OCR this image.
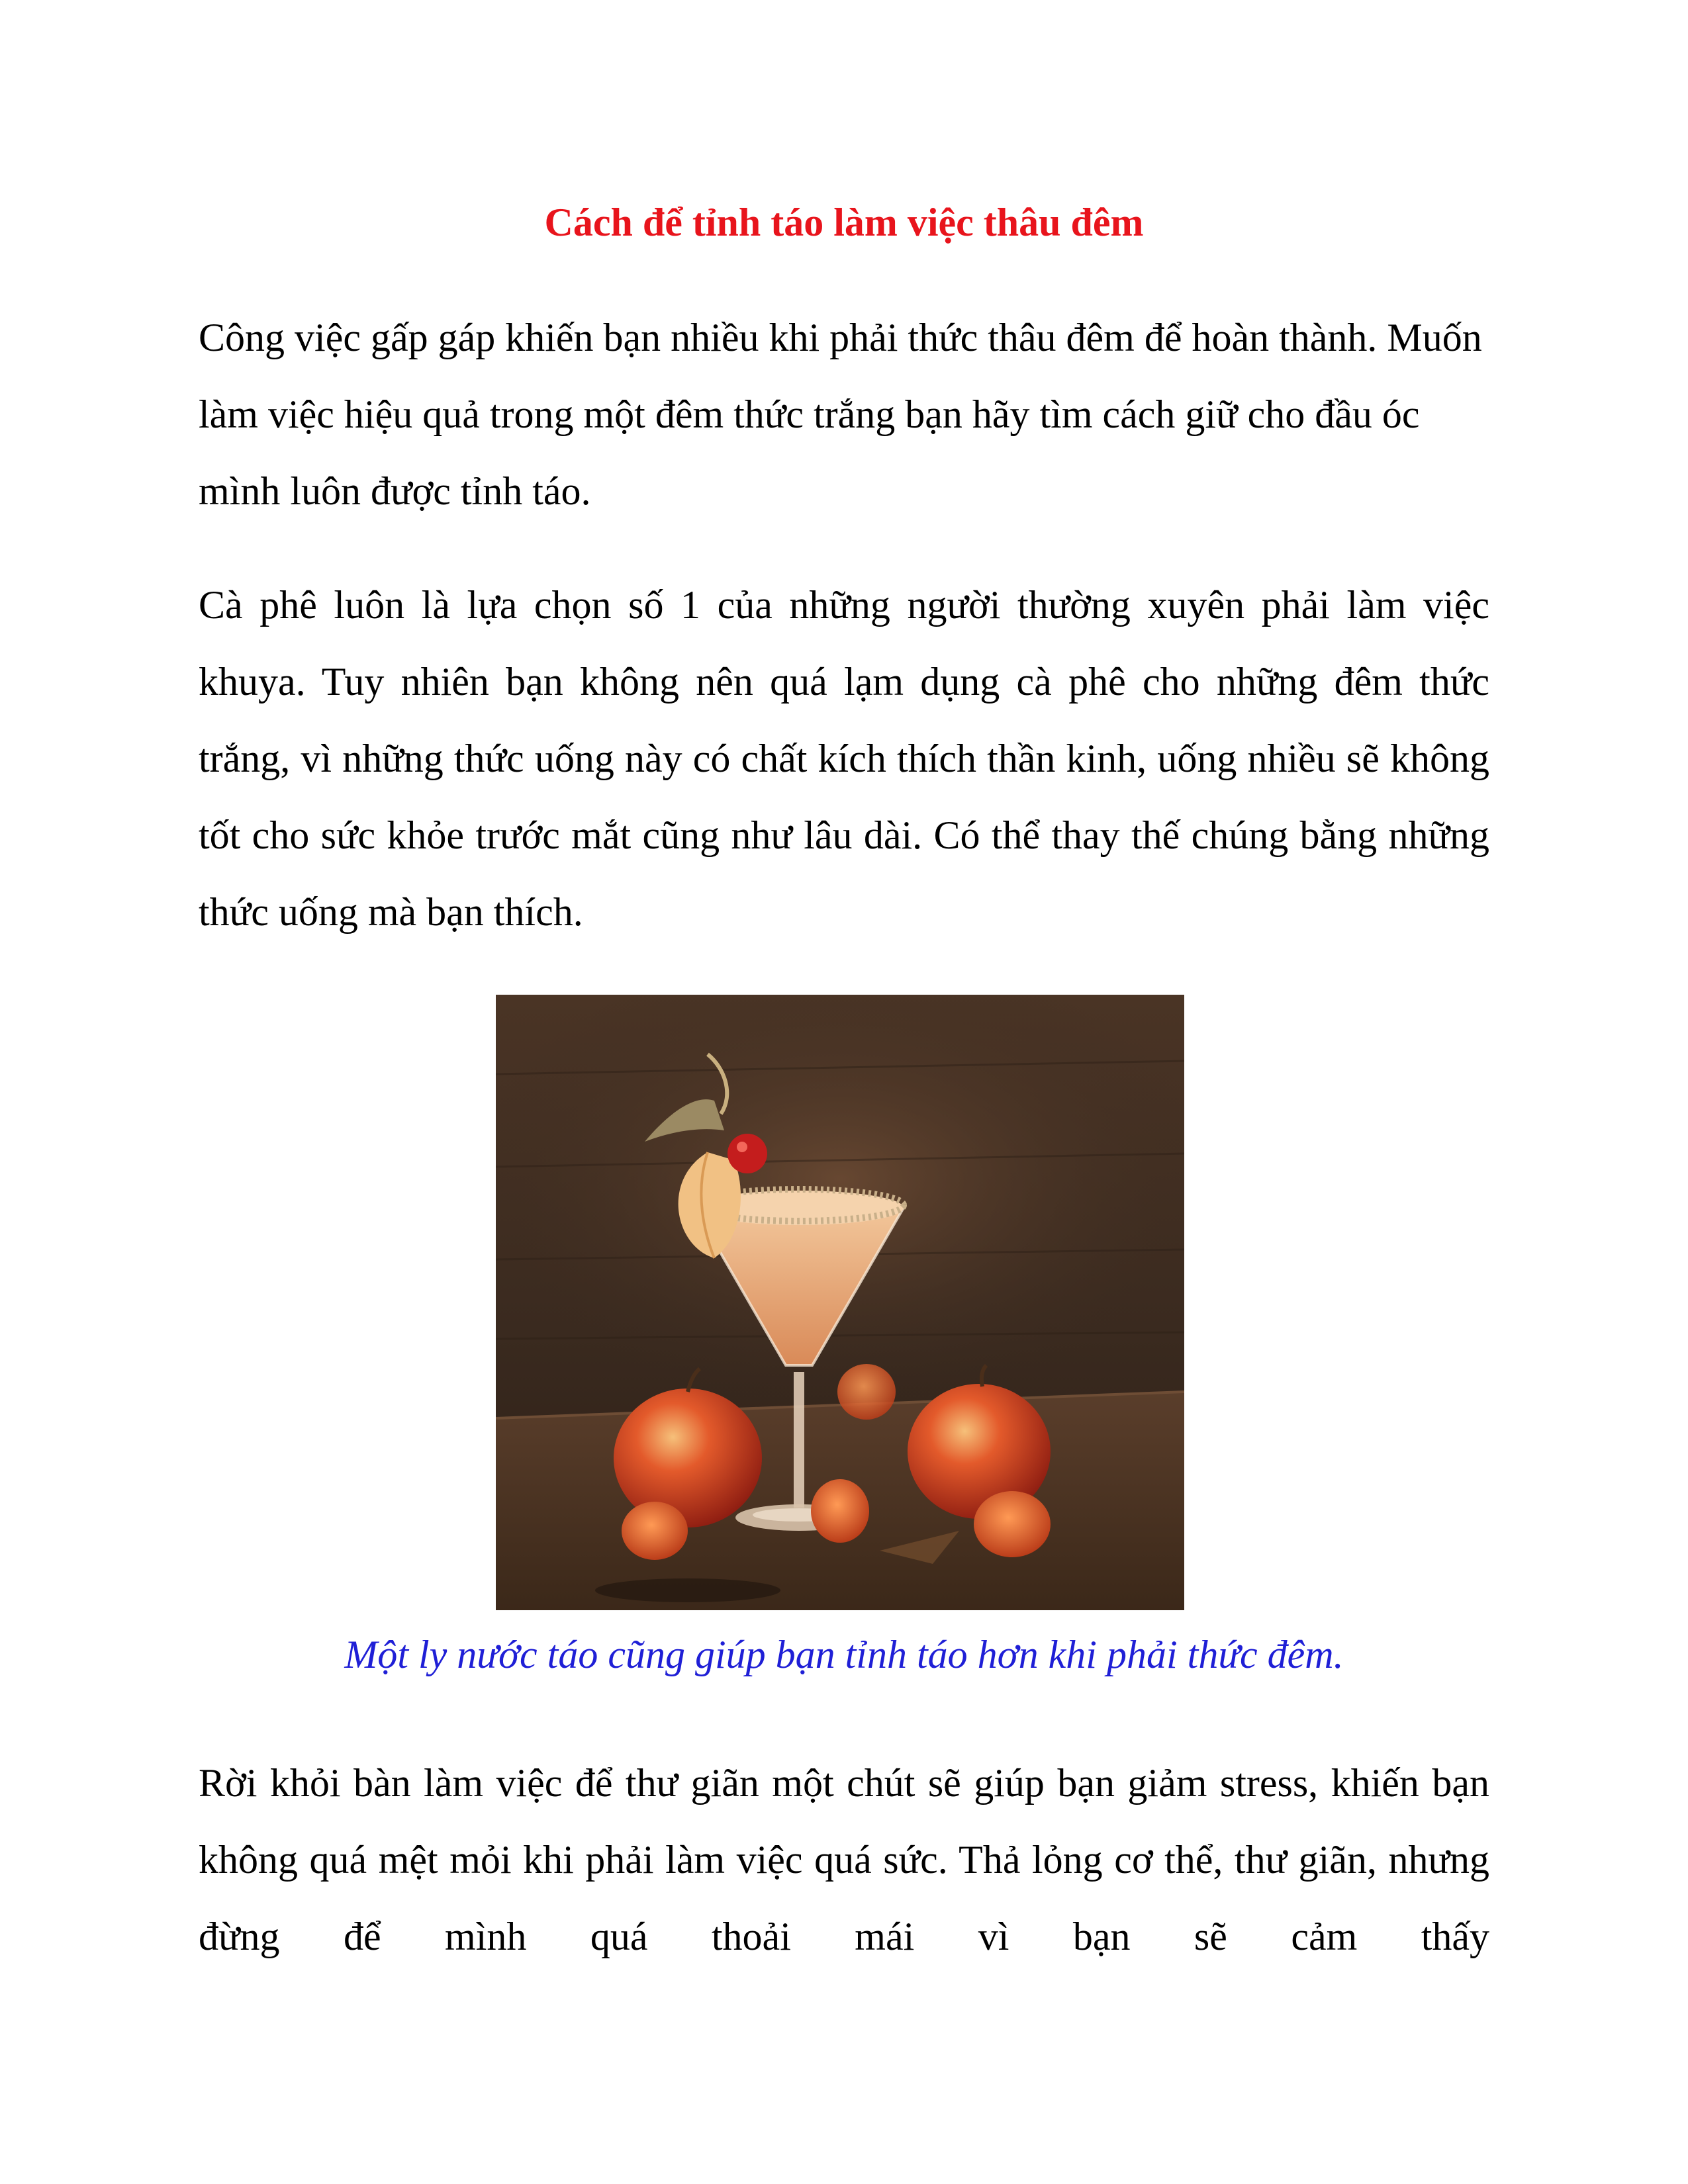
Cách để tỉnh táo làm việc thâu đêm

Công việc gấp gáp khiến bạn nhiều khi phải thức thâu đêm để hoàn thành. Muốn làm việc hiệu quả trong một đêm thức trắng bạn hãy tìm cách giữ cho đầu óc mình luôn được tỉnh táo.

Cà phê luôn là lựa chọn số 1 của những người thường xuyên phải làm việc khuya. Tuy nhiên bạn không nên quá lạm dụng cà phê cho những đêm thức trắng, vì những thức uống này có chất kích thích thần kinh, uống nhiều sẽ không tốt cho sức khỏe trước mắt cũng như lâu dài. Có thể thay thế chúng bằng những thức uống mà bạn thích.

Một ly nước táo cũng giúp bạn tỉnh táo hơn khi phải thức đêm.

Rời khỏi bàn làm việc để thư giãn một chút sẽ giúp bạn giảm stress, khiến bạn không quá mệt mỏi khi phải làm việc quá sức. Thả lỏng cơ thể, thư giãn, nhưng đừng để mình quá thoải mái vì bạn sẽ cảm thấy
